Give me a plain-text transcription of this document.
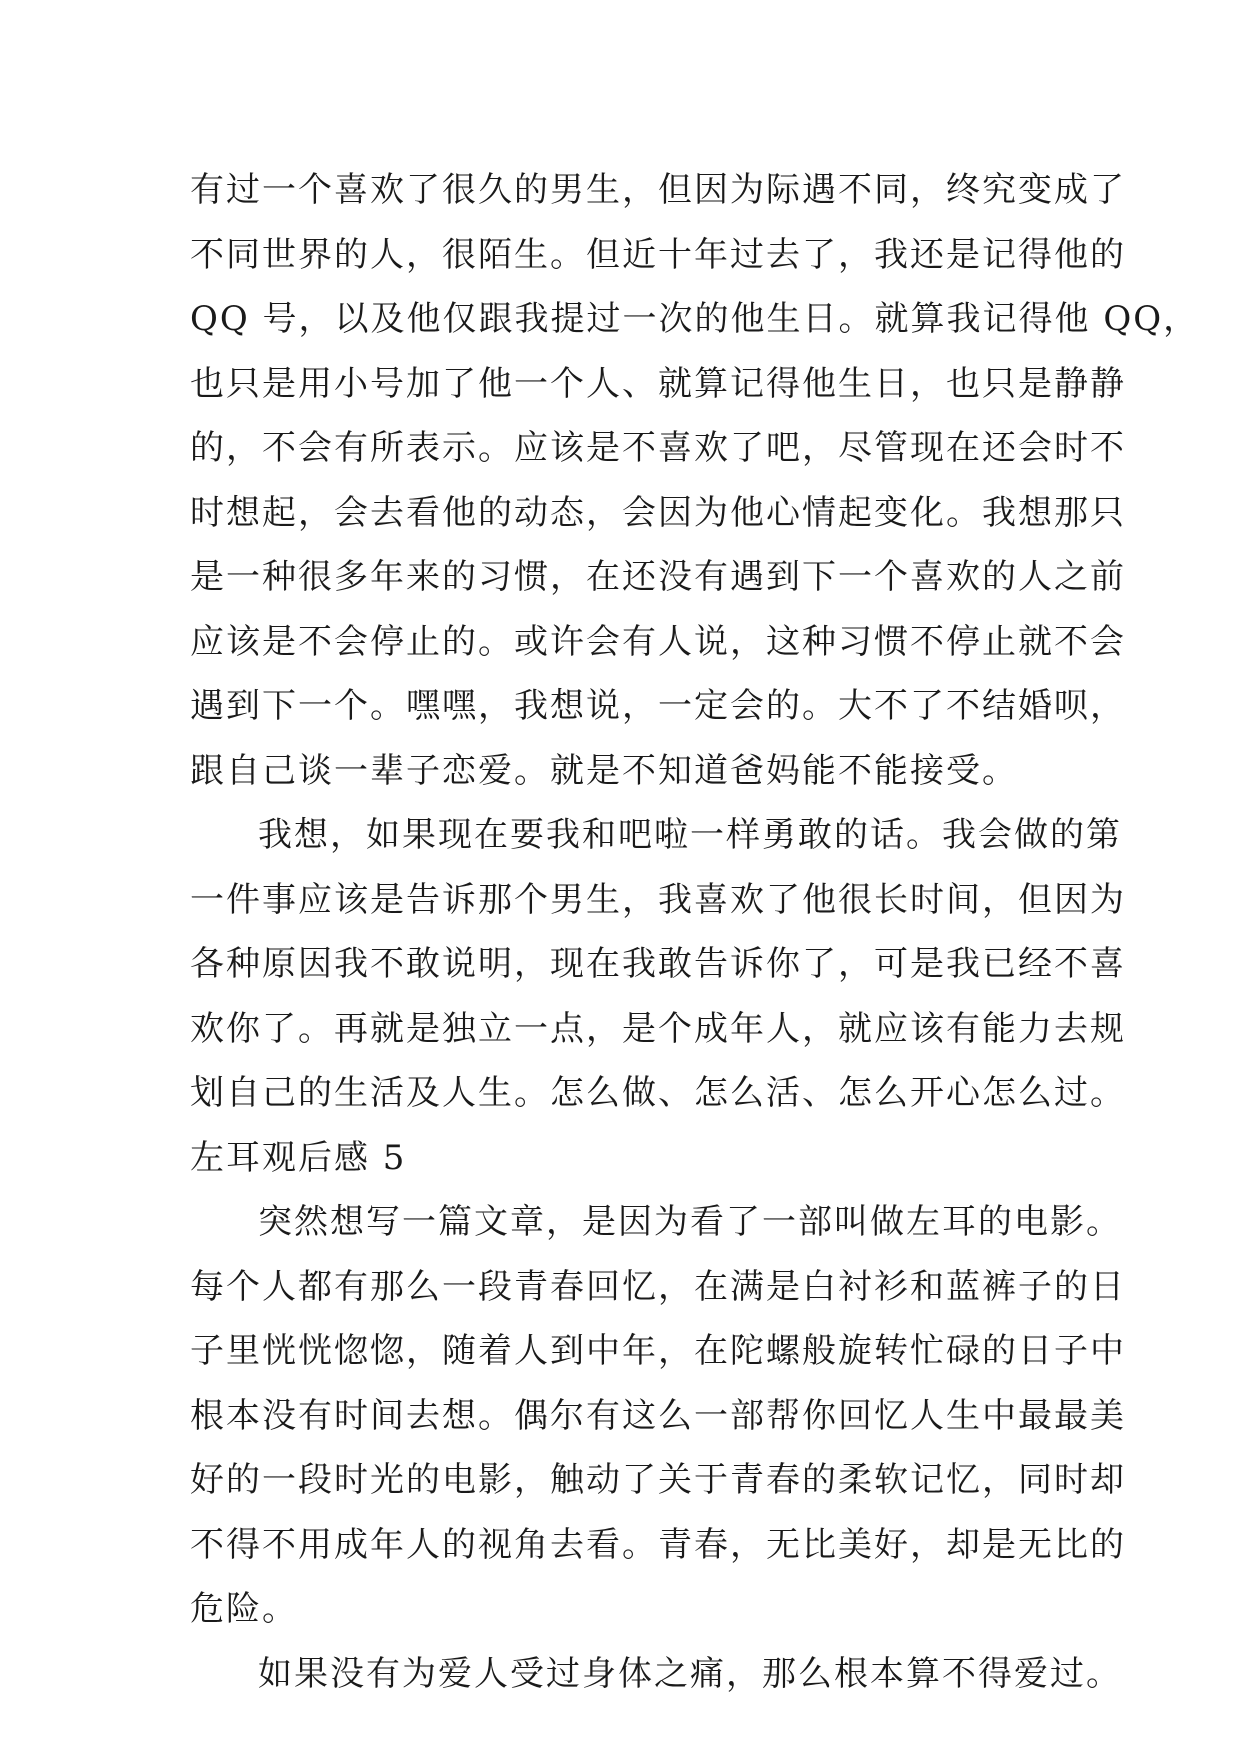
有过一个喜欢了很久的男生，但因为际遇不同，终究变成了
不同世界的人，很陌生。但近十年过去了，我还是记得他的
QQ 号，以及他仅跟我提过一次的他生日。就算我记得他 QQ，
也只是用小号加了他一个人、就算记得他生日，也只是静静
的，不会有所表示。应该是不喜欢了吧，尽管现在还会时不
时想起，会去看他的动态，会因为他心情起变化。我想那只
是一种很多年来的习惯，在还没有遇到下一个喜欢的人之前
应该是不会停止的。或许会有人说，这种习惯不停止就不会
遇到下一个。嘿嘿，我想说，一定会的。大不了不结婚呗，
跟自己谈一辈子恋爱。就是不知道爸妈能不能接受。
我想，如果现在要我和吧啦一样勇敢的话。我会做的第
一件事应该是告诉那个男生，我喜欢了他很长时间，但因为
各种原因我不敢说明，现在我敢告诉你了，可是我已经不喜
欢你了。再就是独立一点，是个成年人，就应该有能力去规
划自己的生活及人生。怎么做、怎么活、怎么开心怎么过。
左耳观后感 5
突然想写一篇文章，是因为看了一部叫做左耳的电影。
每个人都有那么一段青春回忆，在满是白衬衫和蓝裤子的日
子里恍恍惚惚，随着人到中年，在陀螺般旋转忙碌的日子中
根本没有时间去想。偶尔有这么一部帮你回忆人生中最最美
好的一段时光的电影，触动了关于青春的柔软记忆，同时却
不得不用成年人的视角去看。青春，无比美好，却是无比的
危险。
如果没有为爱人受过身体之痛，那么根本算不得爱过。
